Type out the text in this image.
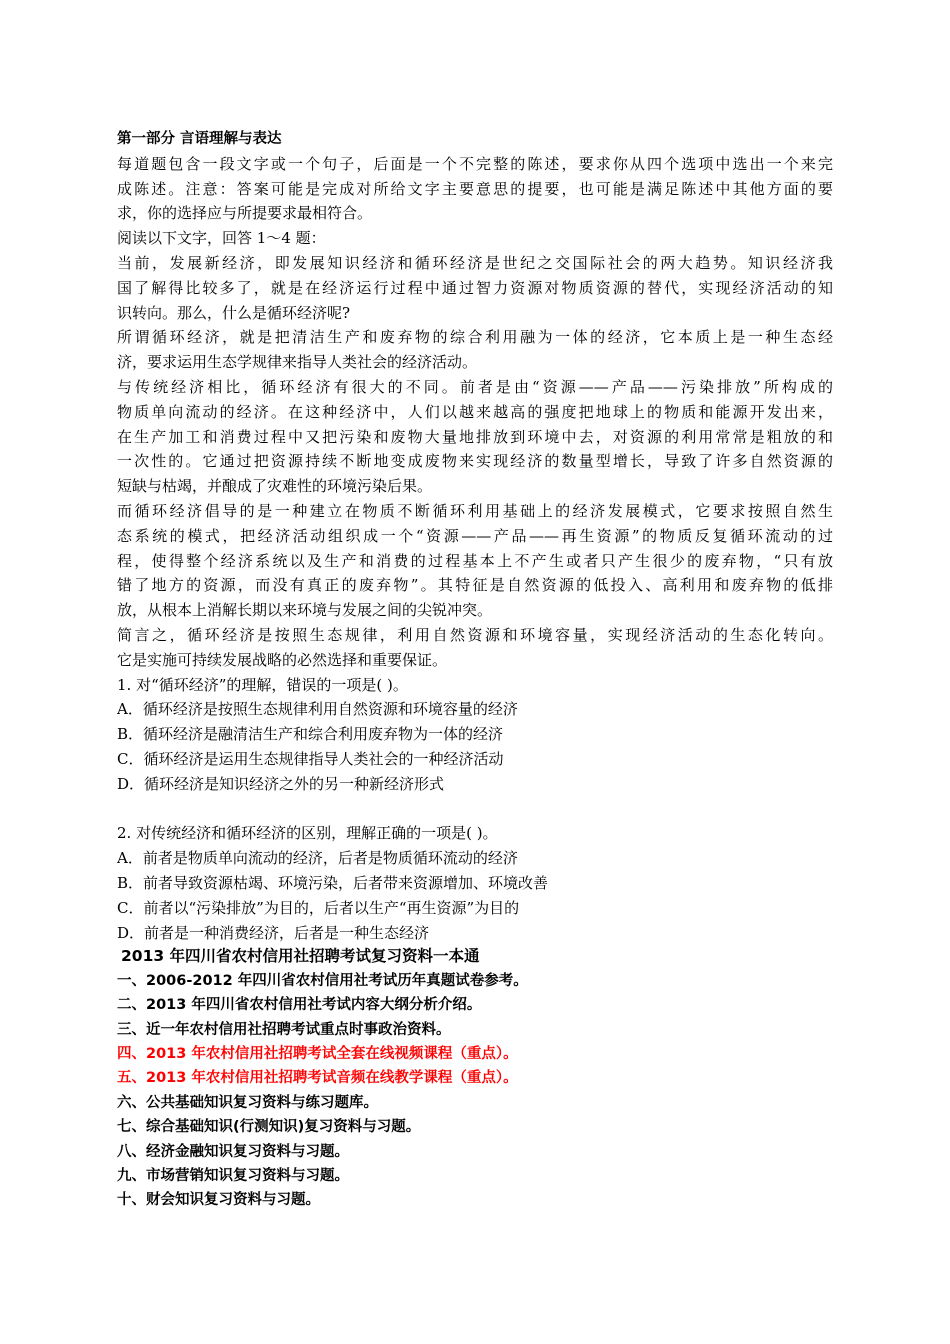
第一部分 言语理解与表达
每道题包含一段文字或一个句子，后面是一个不完整的陈述，要求你从四个选项中选出一个来完
成陈述。注意：答案可能是完成对所给文字主要意思的提要，也可能是满足陈述中其他方面的要
求，你的选择应与所提要求最相符合。
阅读以下文字，回答 1～4 题：
当前，发展新经济，即发展知识经济和循环经济是世纪之交国际社会的两大趋势。知识经济我
国了解得比较多了，就是在经济运行过程中通过智力资源对物质资源的替代，实现经济活动的知
识转向。那么，什么是循环经济呢?
所谓循环经济，就是把清洁生产和废弃物的综合利用融为一体的经济，它本质上是一种生态经
济，要求运用生态学规律来指导人类社会的经济活动。
与传统经济相比，循环经济有很大的不同。前者是由“资源——产品——污染排放”所构成的
物质单向流动的经济。在这种经济中，人们以越来越高的强度把地球上的物质和能源开发出来，
在生产加工和消费过程中又把污染和废物大量地排放到环境中去，对资源的利用常常是粗放的和
一次性的。它通过把资源持续不断地变成废物来实现经济的数量型增长，导致了许多自然资源的
短缺与枯竭，并酿成了灾难性的环境污染后果。
而循环经济倡导的是一种建立在物质不断循环利用基础上的经济发展模式，它要求按照自然生
态系统的模式，把经济活动组织成一个“资源——产品——再生资源”的物质反复循环流动的过
程，使得整个经济系统以及生产和消费的过程基本上不产生或者只产生很少的废弃物，“只有放
错了地方的资源，而没有真正的废弃物”。其特征是自然资源的低投入、高利用和废弃物的低排
放，从根本上消解长期以来环境与发展之间的尖锐冲突。
简言之，循环经济是按照生态规律，利用自然资源和环境容量，实现经济活动的生态化转向。
它是实施可持续发展战略的必然选择和重要保证。
1. 对“循环经济”的理解，错误的一项是( )。
A．循环经济是按照生态规律利用自然资源和环境容量的经济
B．循环经济是融清洁生产和综合利用废弃物为一体的经济
C．循环经济是运用生态规律指导人类社会的一种经济活动
D．循环经济是知识经济之外的另一种新经济形式
2. 对传统经济和循环经济的区别，理解正确的一项是( )。
A．前者是物质单向流动的经济，后者是物质循环流动的经济
B．前者导致资源枯竭、环境污染，后者带来资源增加、环境改善
C．前者以“污染排放”为目的，后者以生产“再生资源”为目的
D．前者是一种消费经济，后者是一种生态经济
2013 年四川省农村信用社招聘考试复习资料一本通
一、2006-2012 年四川省农村信用社考试历年真题试卷参考。
二、2013 年四川省农村信用社考试内容大纲分析介绍。
三、近一年农村信用社招聘考试重点时事政治资料。
四、2013 年农村信用社招聘考试全套在线视频课程（重点）。
五、2013 年农村信用社招聘考试音频在线教学课程（重点）。
六、公共基础知识复习资料与练习题库。
七、综合基础知识(行测知识)复习资料与习题。
八、经济金融知识复习资料与习题。
九、市场营销知识复习资料与习题。
十、财会知识复习资料与习题。
